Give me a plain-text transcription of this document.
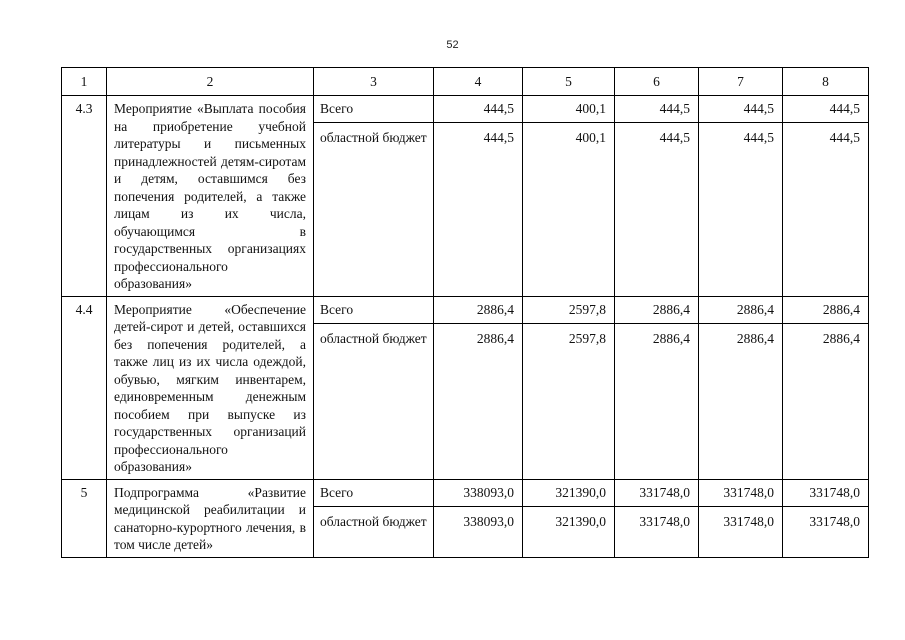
52
1	2	3	4	5	6	7	8
4.3	Мероприятие «Выплата пособия на приобретение учебной литературы и письменных принадлежностей детям-сиротам и детям, оставшимся без попечения родителей, а также лицам из их числа, обучающимся в государственных организациях профессионального образования»	Всего	444,5	400,1	444,5	444,5	444,5
		областной бюджет	444,5	400,1	444,5	444,5	444,5
4.4	Мероприятие «Обеспечение детей-сирот и детей, оставшихся без попечения родителей, а также лиц из их числа одеждой, обувью, мягким инвентарем, единовременным денежным пособием при выпуске из государственных организаций профессионального образования»	Всего	2886,4	2597,8	2886,4	2886,4	2886,4
		областной бюджет	2886,4	2597,8	2886,4	2886,4	2886,4
5	Подпрограмма «Развитие медицинской реабилитации и санаторно-курортного лечения, в том числе детей»	Всего	338093,0	321390,0	331748,0	331748,0	331748,0
		областной бюджет	338093,0	321390,0	331748,0	331748,0	331748,0
